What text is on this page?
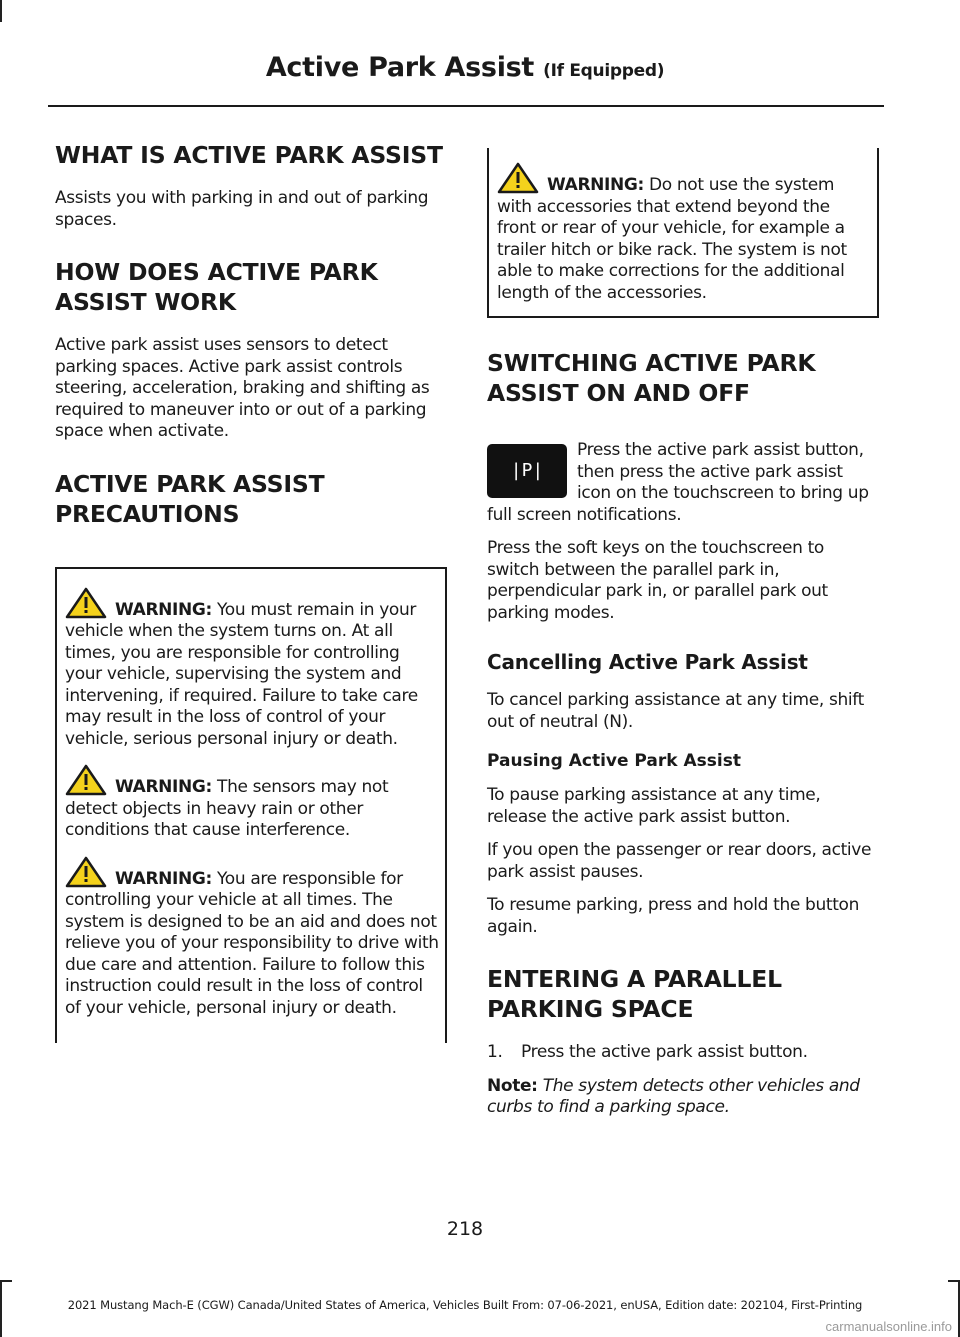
Active Park Assist (If Equipped)
WHAT IS ACTIVE PARK ASSIST

Assists you with parking in and out of parking spaces.

HOW DOES ACTIVE PARK ASSIST WORK

Active park assist uses sensors to detect parking spaces. Active park assist controls steering, acceleration, braking and shifting as required to maneuver into or out of a parking space when activate.

ACTIVE PARK ASSIST PRECAUTIONS

WARNING: You must remain in your vehicle when the system turns on. At all times, you are responsible for controlling your vehicle, supervising the system and intervening, if required. Failure to take care may result in the loss of control of your vehicle, serious personal injury or death.

WARNING: The sensors may not detect objects in heavy rain or other conditions that cause interference.

WARNING: You are responsible for controlling your vehicle at all times. The system is designed to be an aid and does not relieve you of your responsibility to drive with due care and attention. Failure to follow this instruction could result in the loss of control of your vehicle, personal injury or death.

WARNING: Do not use the system with accessories that extend beyond the front or rear of your vehicle, for example a trailer hitch or bike rack. The system is not able to make corrections for the additional length of the accessories.

SWITCHING ACTIVE PARK ASSIST ON AND OFF
|P|

Press the active park assist button, then press the active park assist icon on the touchscreen to bring up full screen notifications.

Press the soft keys on the touchscreen to switch between the parallel park in, perpendicular park in, or parallel park out parking modes.

Cancelling Active Park Assist

To cancel parking assistance at any time, shift out of neutral (N).

Pausing Active Park Assist

To pause parking assistance at any time, release the active park assist button.

If you open the passenger or rear doors, active park assist pauses.

To resume parking, press and hold the button again.

ENTERING A PARALLEL PARKING SPACE

1.	Press the active park assist button.

Note: The system detects other vehicles and curbs to find a parking space.

218
2021 Mustang Mach-E (CGW) Canada/United States of America, Vehicles Built From: 07-06-2021, enUSA, Edition date: 202104, First-Printing
carmanualsonline.info
